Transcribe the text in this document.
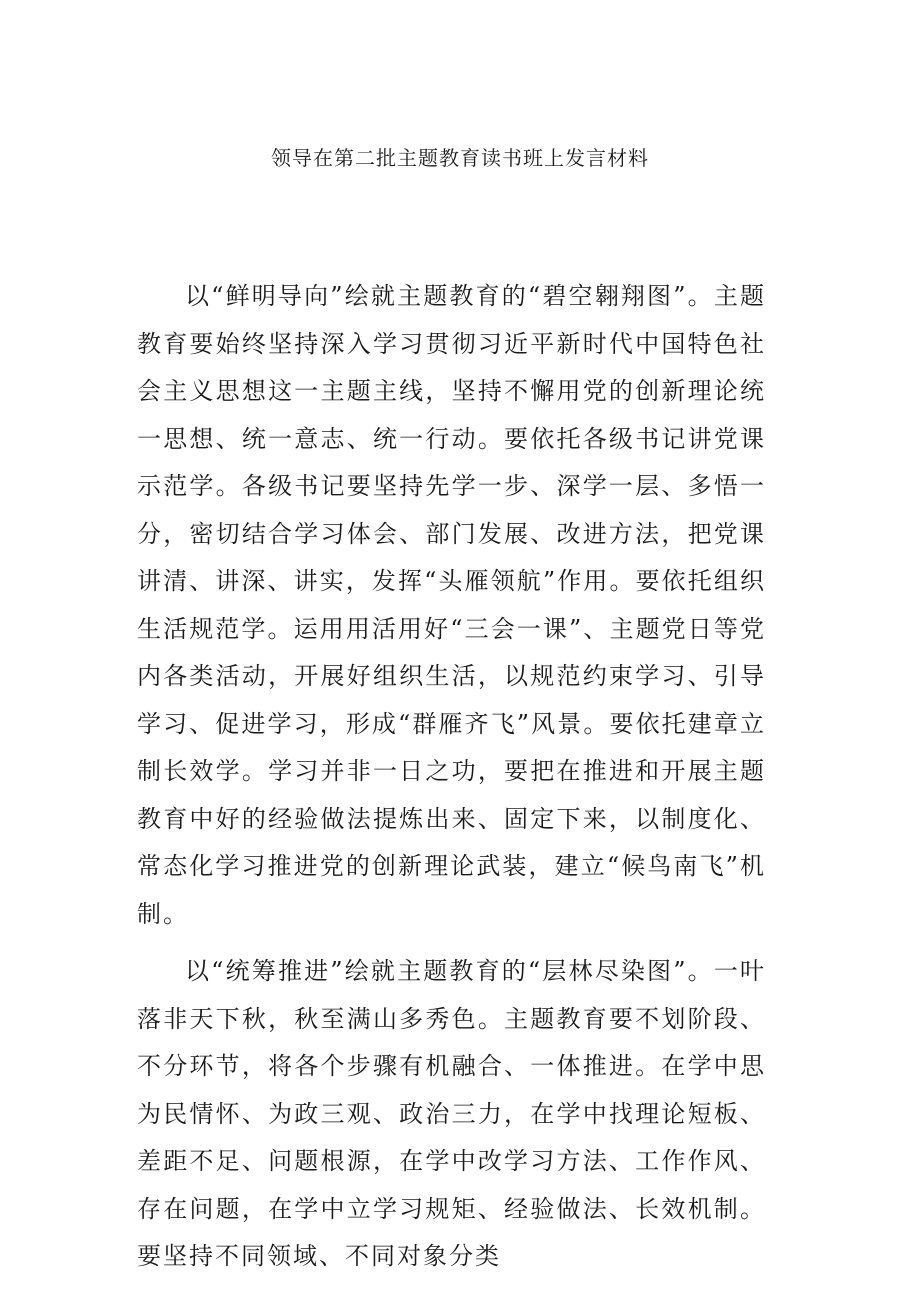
领导在第二批主题教育读书班上发言材料

以“鲜明导向”绘就主题教育的“碧空翱翔图”。主题教育要始终坚持深入学习贯彻习近平新时代中国特色社会主义思想这一主题主线，坚持不懈用党的创新理论统一思想、统一意志、统一行动。要依托各级书记讲党课示范学。各级书记要坚持先学一步、深学一层、多悟一分，密切结合学习体会、部门发展、改进方法，把党课讲清、讲深、讲实，发挥“头雁领航”作用。要依托组织生活规范学。运用用活用好“三会一课”、主题党日等党内各类活动，开展好组织生活，以规范约束学习、引导学习、促进学习，形成“群雁齐飞”风景。要依托建章立制长效学。学习并非一日之功，要把在推进和开展主题教育中好的经验做法提炼出来、固定下来，以制度化、常态化学习推进党的创新理论武装，建立“候鸟南飞”机制。

以“统筹推进”绘就主题教育的“层林尽染图”。一叶落非天下秋，秋至满山多秀色。主题教育要不划阶段、不分环节，将各个步骤有机融合、一体推进。在学中思为民情怀、为政三观、政治三力，在学中找理论短板、差距不足、问题根源，在学中改学习方法、工作作风、存在问题，在学中立学习规矩、经验做法、长效机制。要坚持不同领域、不同对象分类
